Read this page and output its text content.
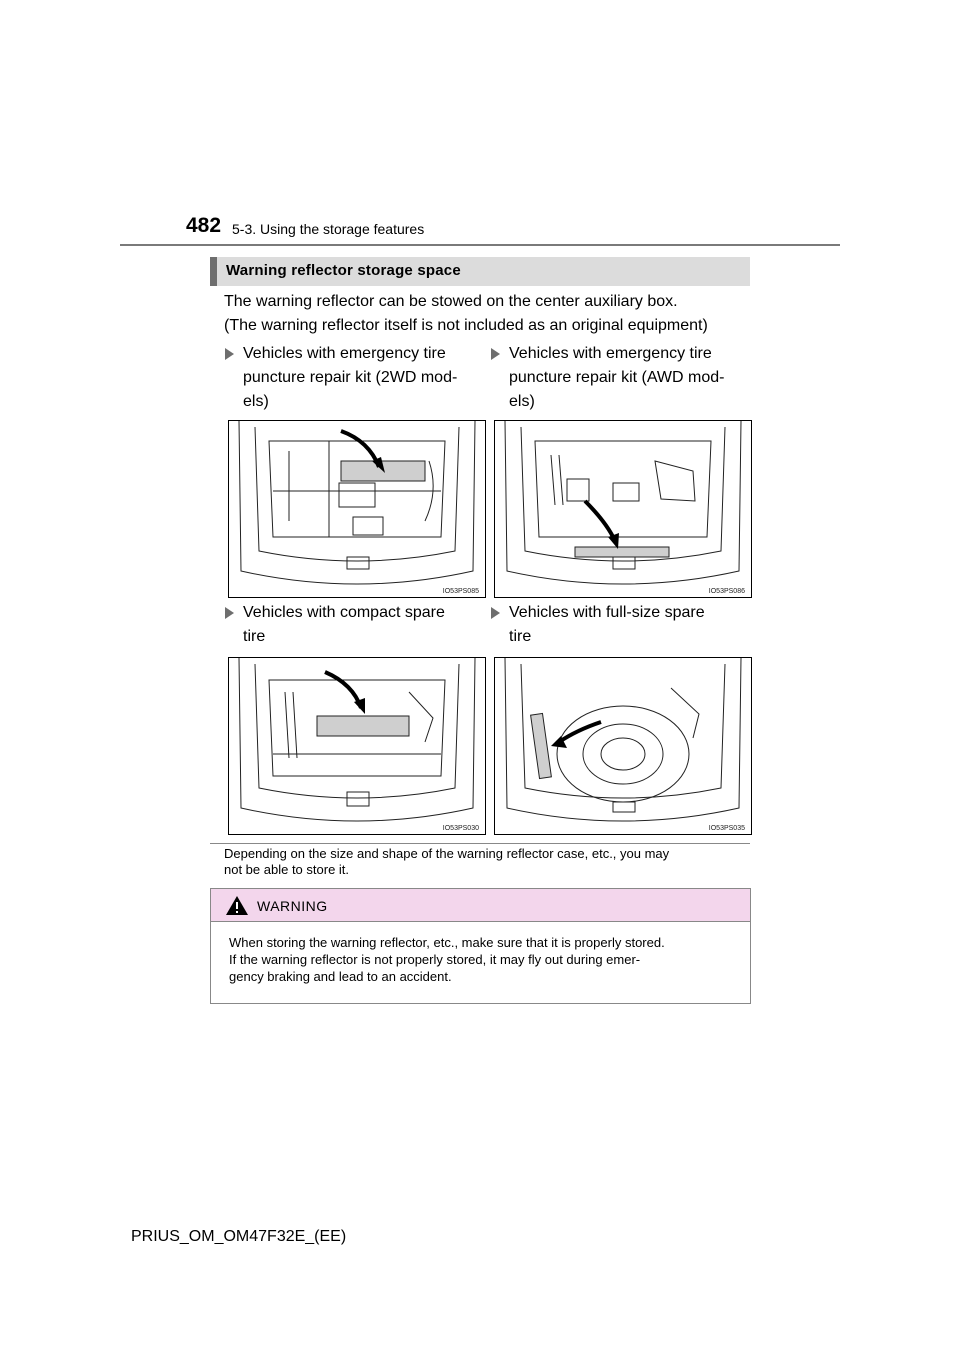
482 5-3. Using the storage features
Warning reflector storage space
The warning reflector can be stowed on the center auxiliary box.
(The warning reflector itself is not included as an original equipment)
Vehicles with emergency tire
puncture repair kit (2WD mod-
els)
Vehicles with emergency tire
puncture repair kit (AWD mod-
els)
IO53PS085	IO53PS086
Vehicles with compact spare
tire
Vehicles with full-size spare
tire
IO53PS030	IO53PS035
Depending on the size and shape of the warning reflector case, etc., you may
not be able to store it.
WARNING
When storing the warning reflector, etc., make sure that it is properly stored.
If the warning reflector is not properly stored, it may fly out during emer-
gency braking and lead to an accident.
PRIUS_OM_OM47F32E_(EE)
